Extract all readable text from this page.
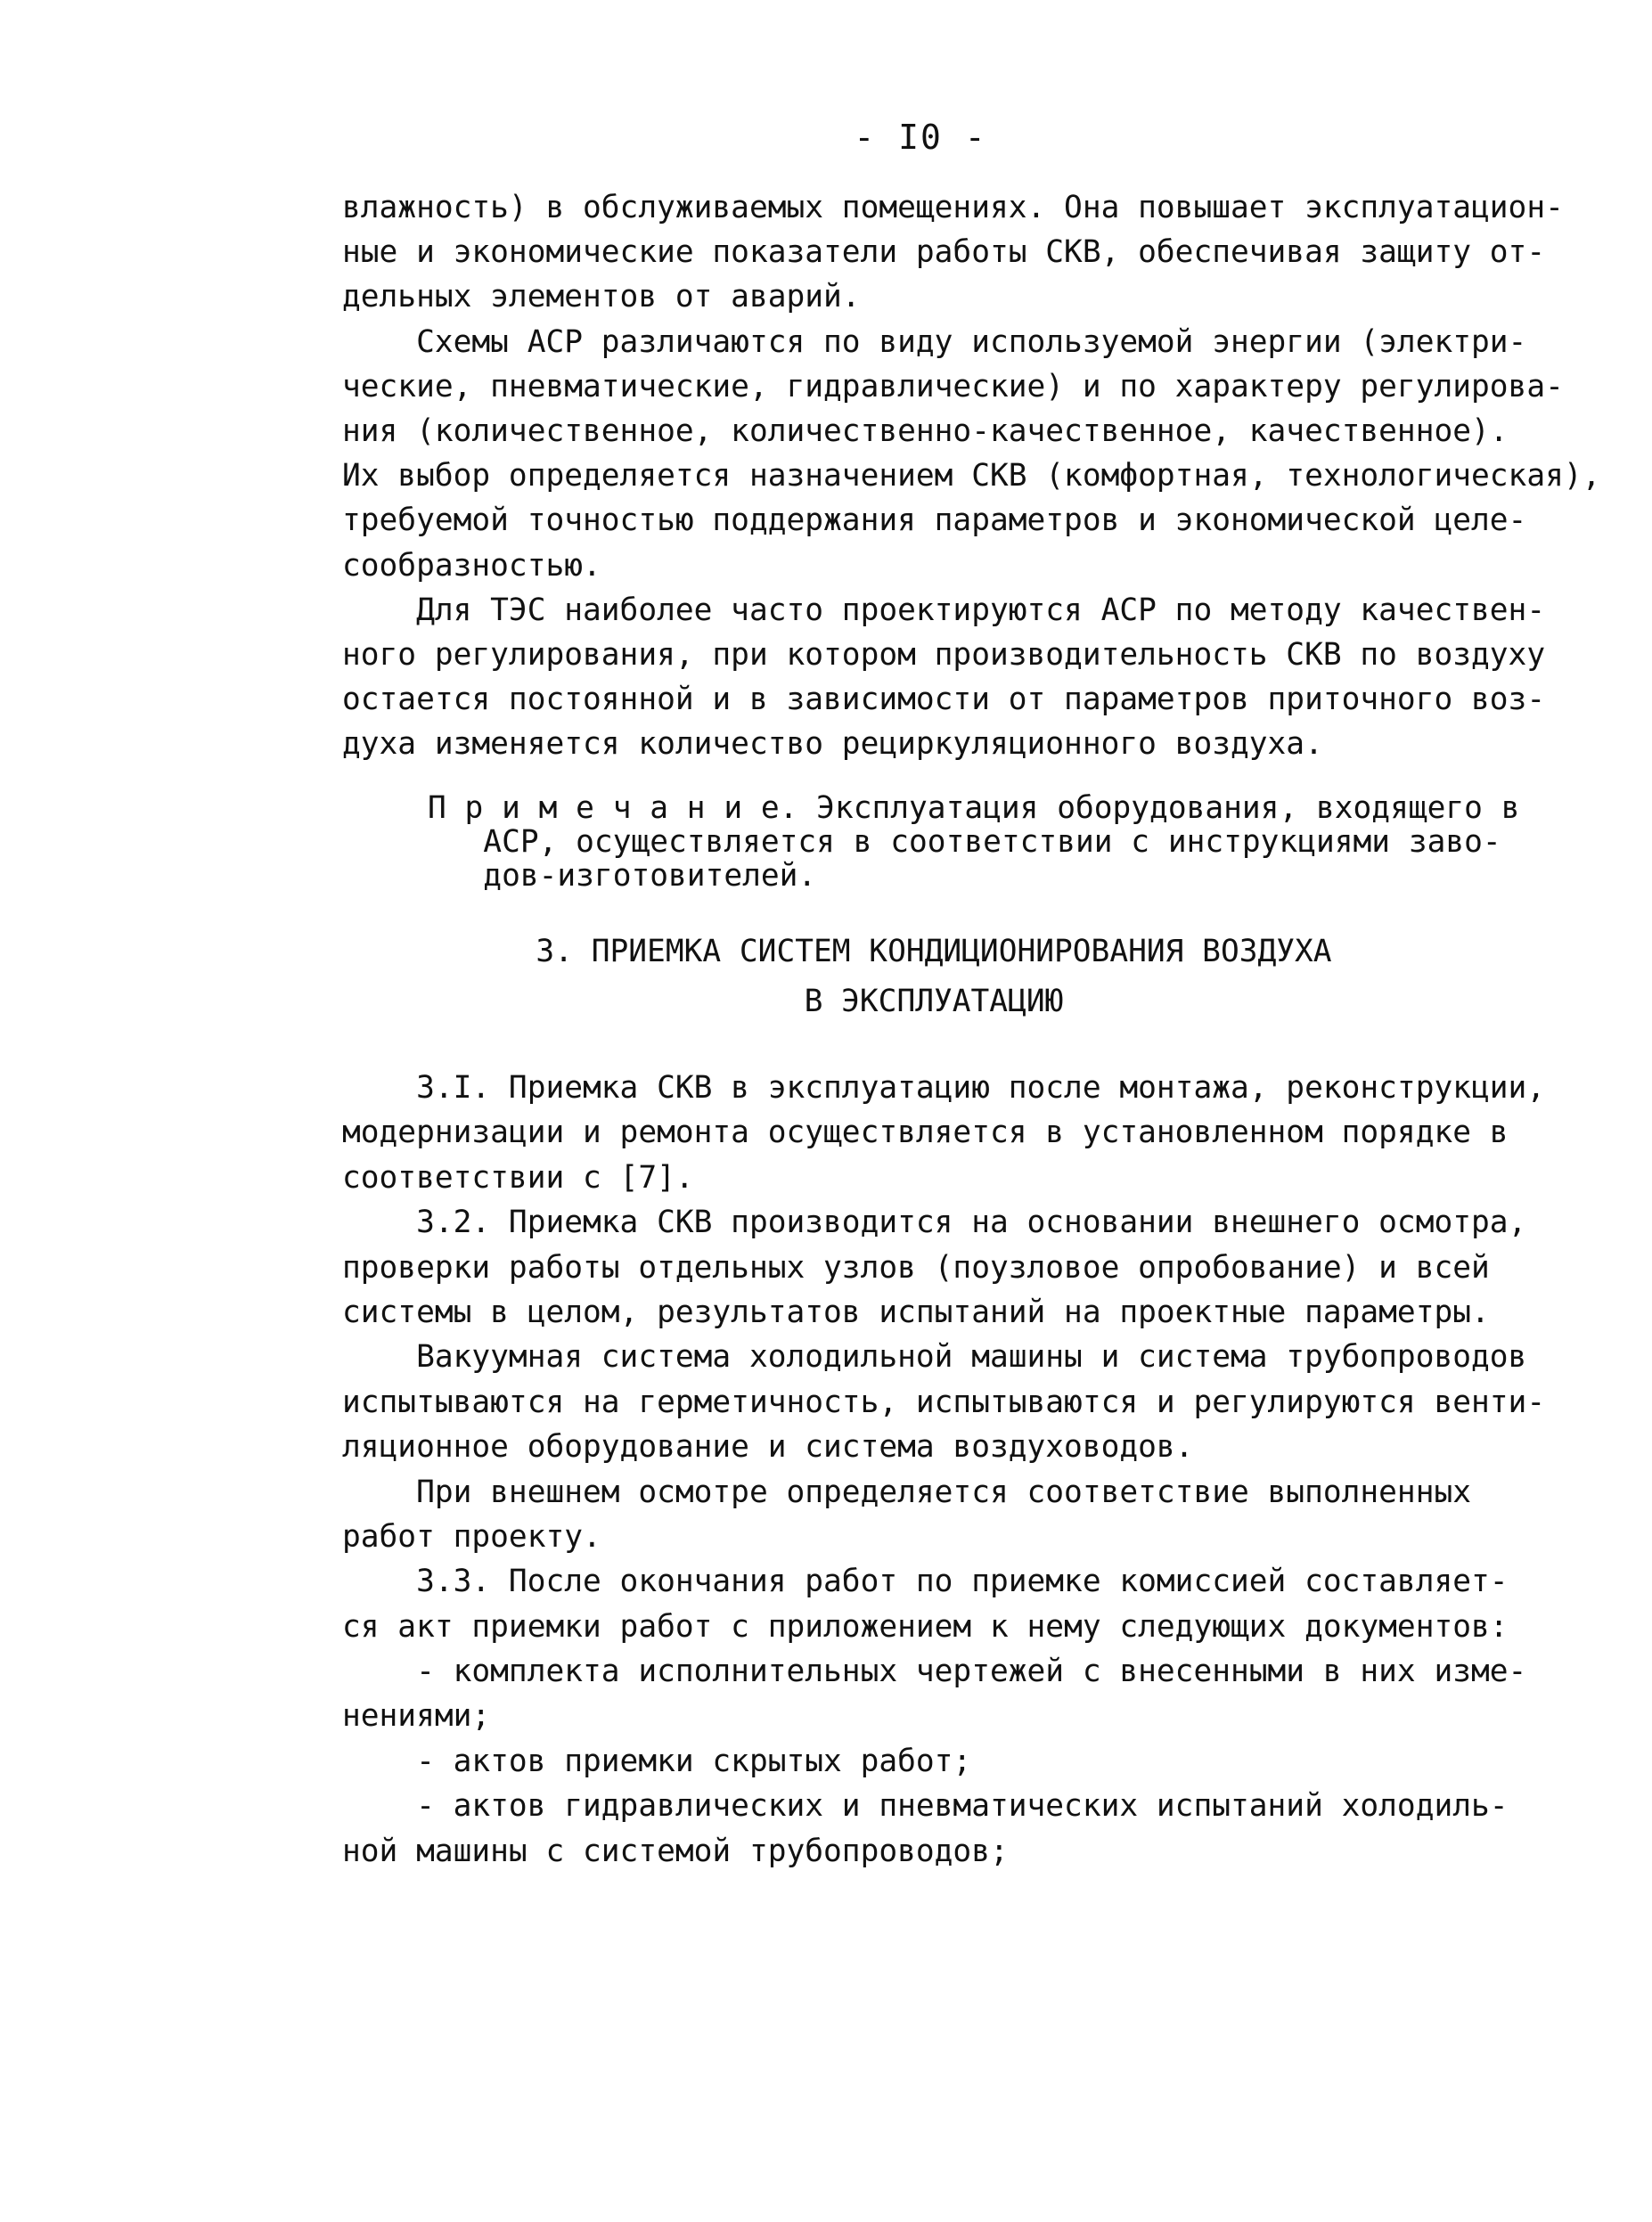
- I0 -
влажность) в обслуживаемых помещениях. Она повышает эксплуатацион-
ные и экономические показатели работы СКВ, обеспечивая защиту от-
дельных элементов от аварий.
Схемы АСР различаются по виду используемой энергии (электри-
ческие, пневматические, гидравлические) и по характеру регулирова-
ния (количественное, количественно-качественное, качественное).
Их выбор определяется назначением СКВ (комфортная, технологическая),
требуемой точностью поддержания параметров и экономической целе-
сообразностью.
Для ТЭС наиболее часто проектируются АСР по методу качествен-
ного регулирования, при котором производительность СКВ по воздуху
остается постоянной и в зависимости от параметров приточного воз-
духа изменяется количество рециркуляционного воздуха.
П р и м е ч а н и е. Эксплуатация оборудования, входящего в
АСР, осуществляется в соответствии с инструкциями заво-
дов-изготовителей.
3. ПРИЕМКА СИСТЕМ КОНДИЦИОНИРОВАНИЯ ВОЗДУХА
В ЭКСПЛУАТАЦИЮ
3.I. Приемка СКВ в эксплуатацию после монтажа, реконструкции,
модернизации и ремонта осуществляется в установленном порядке в
соответствии с [7].
3.2. Приемка СКВ производится на основании внешнего осмотра,
проверки работы отдельных узлов (поузловое опробование) и всей
системы в целом, результатов испытаний на проектные параметры.
Вакуумная система холодильной машины и система трубопроводов
испытываются на герметичность, испытываются и регулируются венти-
ляционное оборудование и система воздуховодов.
При внешнем осмотре определяется соответствие выполненных
работ проекту.
3.3. После окончания работ по приемке комиссией составляет-
ся акт приемки работ с приложением к нему следующих документов:
- комплекта исполнительных чертежей с внесенными в них изме-
нениями;
- актов приемки скрытых работ;
- актов гидравлических и пневматических испытаний холодиль-
ной машины с системой трубопроводов;
